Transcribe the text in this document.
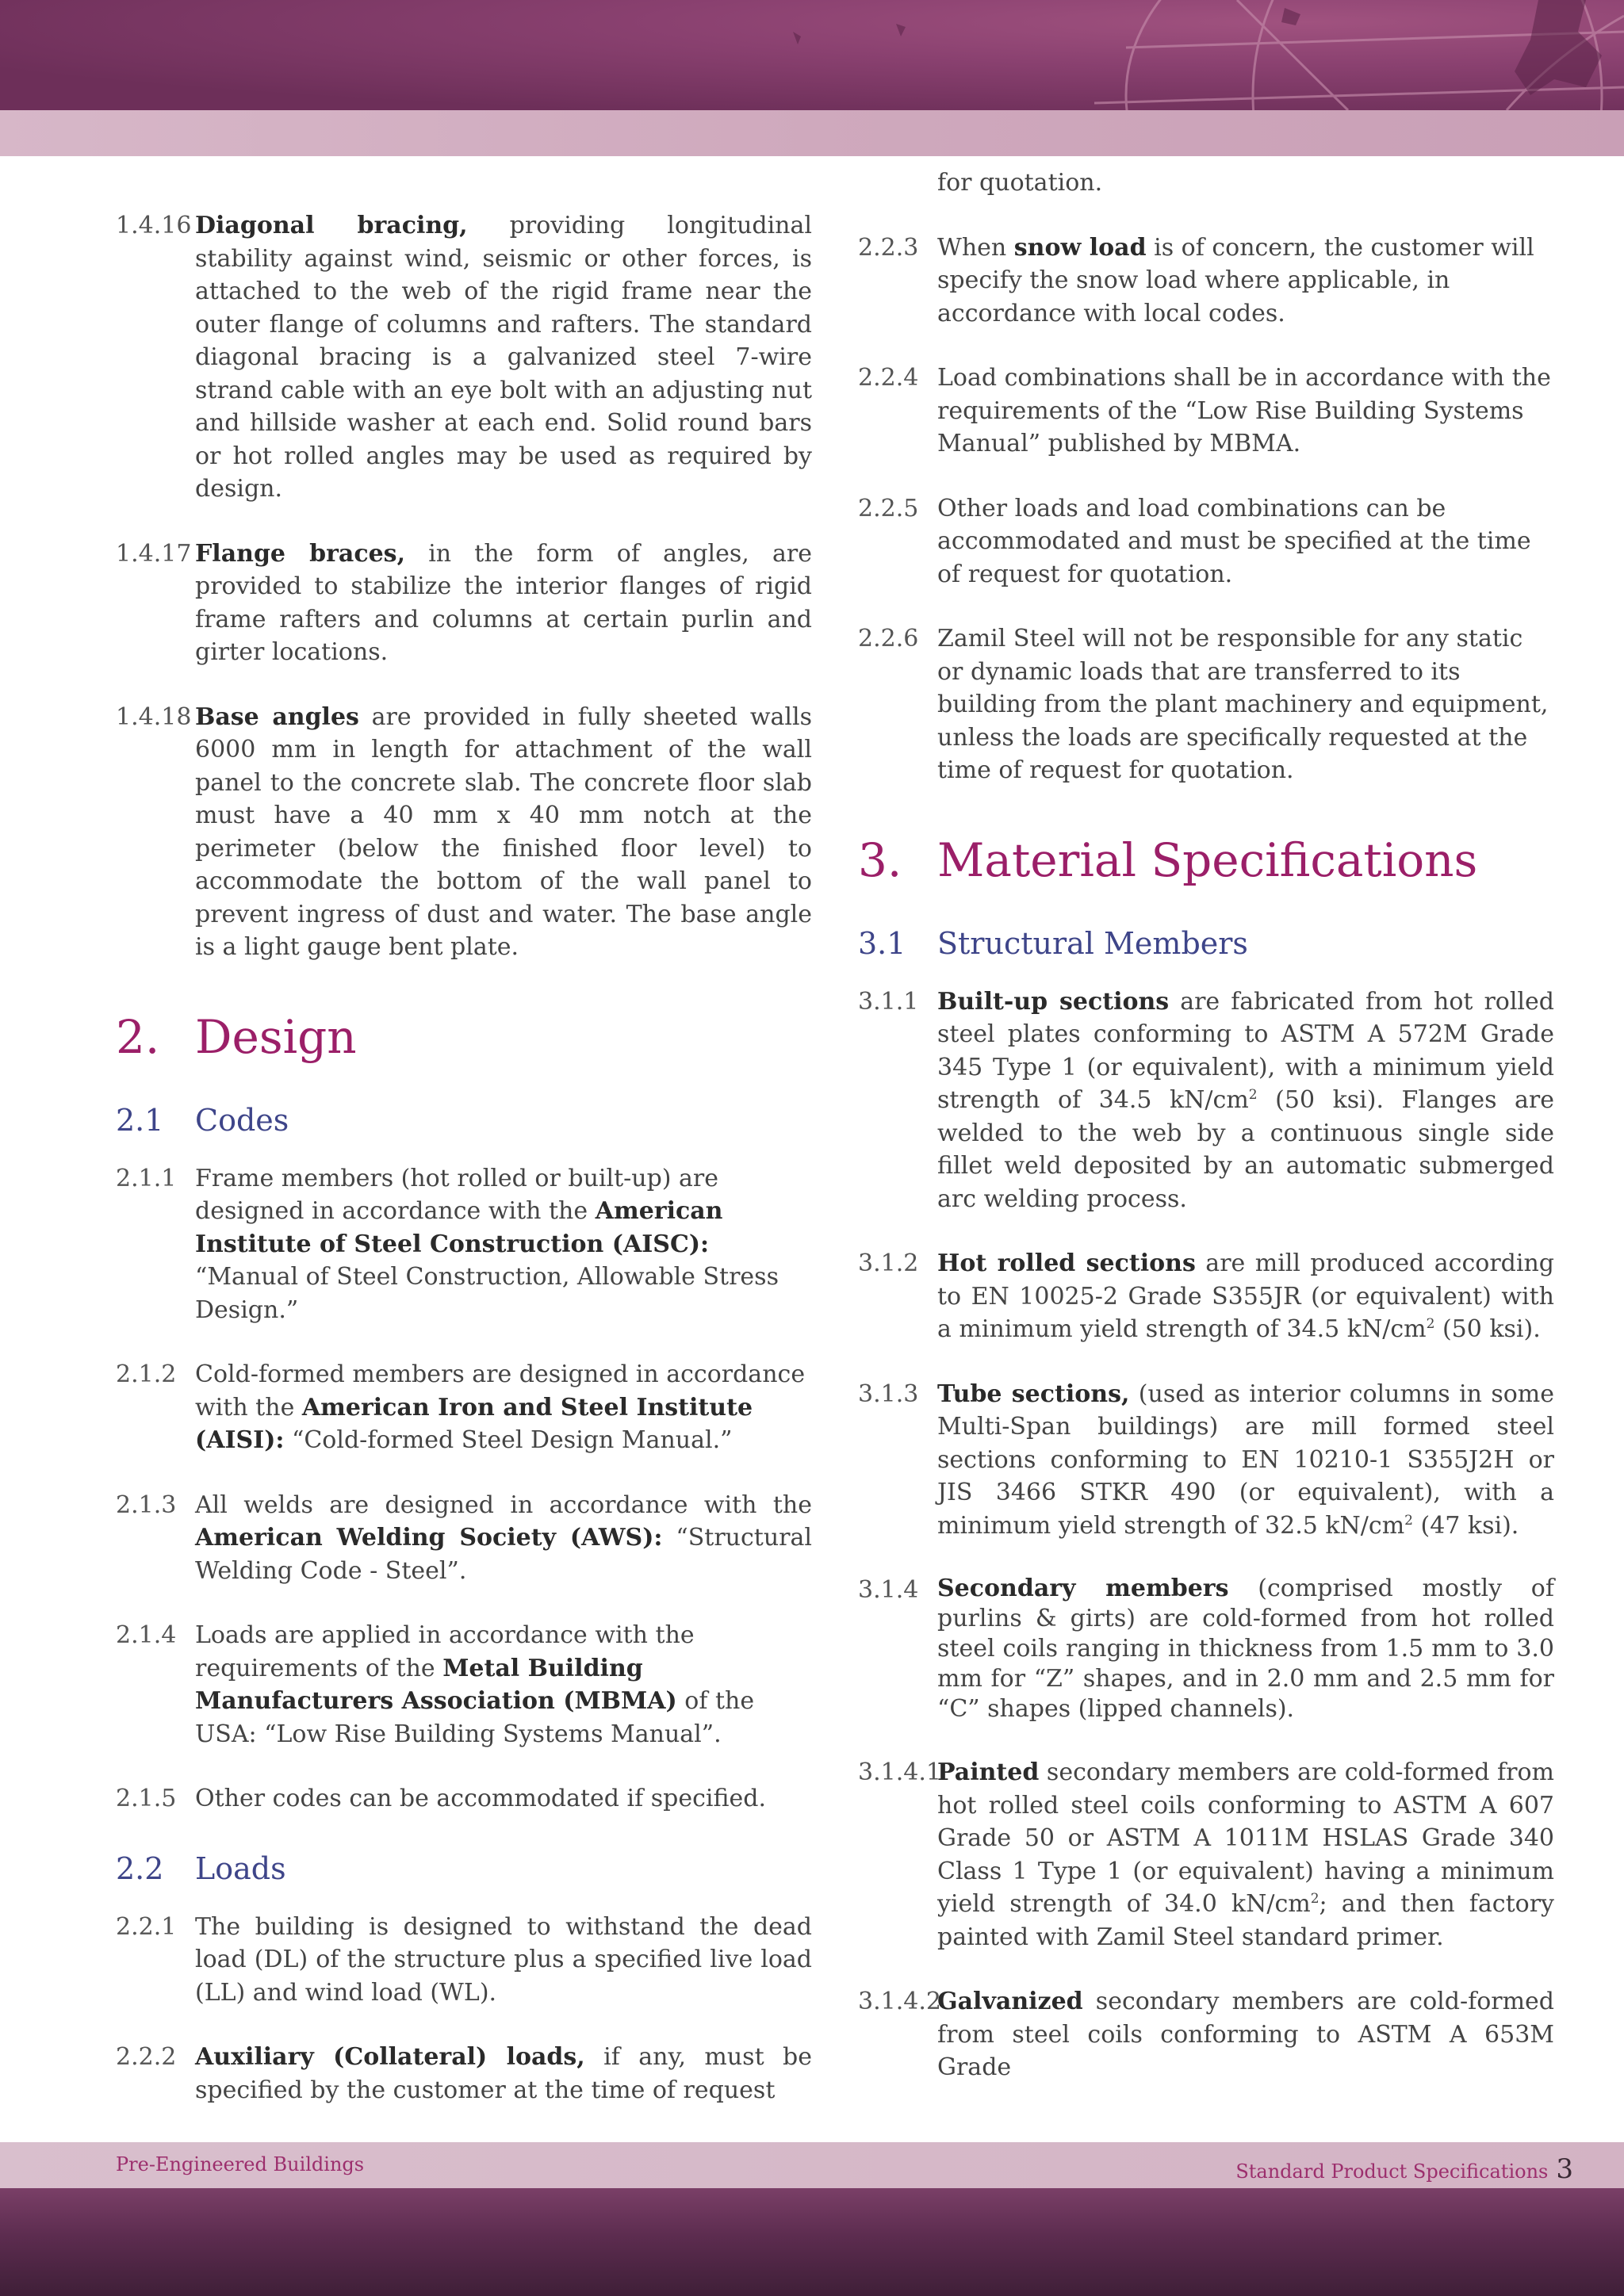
1.4.16 Diagonal bracing, providing longitudinal stability against wind, seismic or other forces, is attached to the web of the rigid frame near the outer flange of columns and rafters. The standard diagonal bracing is a galvanized steel 7-wire strand cable with an eye bolt with an adjusting nut and hillside washer at each end. Solid round bars or hot rolled angles may be used as required by design.
1.4.17 Flange braces, in the form of angles, are provided to stabilize the interior flanges of rigid frame rafters and columns at certain purlin and girter locations.
1.4.18 Base angles are provided in fully sheeted walls 6000 mm in length for attachment of the wall panel to the concrete slab. The concrete floor slab must have a 40 mm x 40 mm notch at the perimeter (below the finished floor level) to accommodate the bottom of the wall panel to prevent ingress of dust and water. The base angle is a light gauge bent plate.
2. Design
2.1	Codes
2.1.1 Frame members (hot rolled or built-up) are designed in accordance with the American Institute of Steel Construction (AISC): “Manual of Steel Construction, Allowable Stress Design.”
2.1.2 Cold-formed members are designed in accordance with the American Iron and Steel Institute (AISI): “Cold-formed Steel Design Manual.”
2.1.3 All welds are designed in accordance with the American Welding Society (AWS): “Structural Welding Code - Steel”.
2.1.4 Loads are applied in accordance with the requirements of the Metal Building Manufacturers Association (MBMA) of the USA: “Low Rise Building Systems Manual”.
2.1.5 Other codes can be accommodated if specified.
2.2	Loads
2.2.1 The building is designed to withstand the dead load (DL) of the structure plus a specified live load (LL) and wind load (WL).
2.2.2 Auxiliary (Collateral) loads, if any, must be specified by the customer at the time of request
for quotation.
2.2.3 When snow load is of concern, the customer will specify the snow load where applicable, in accordance with local codes.
2.2.4 Load combinations shall be in accordance with the requirements of the “Low Rise Building Systems Manual” published by MBMA.
2.2.5 Other loads and load combinations can be accommodated and must be specified at the time of request for quotation.
2.2.6 Zamil Steel will not be responsible for any static or dynamic loads that are transferred to its building from the plant machinery and equipment, unless the loads are specifically requested at the time of request for quotation.
3. Material Specifications
3.1	Structural Members
3.1.1 Built-up sections are fabricated from hot rolled steel plates conforming to ASTM A 572M Grade 345 Type 1 (or equivalent), with a minimum yield strength of 34.5 $kN/cm^2$ (50 ksi). Flanges are welded to the web by a continuous single side fillet weld deposited by an automatic submerged arc welding process.
3.1.2 Hot rolled sections are mill produced according to EN 10025-2 Grade S355JR (or equivalent) with a minimum yield strength of 34.5 $kN/cm^2$ (50 ksi).
3.1.3 Tube sections, (used as interior columns in some Multi-Span buildings) are mill formed steel sections conforming to EN 10210-1 S355J2H or JIS 3466 STKR 490 (or equivalent), with a minimum yield strength of 32.5 $kN/cm^2$ (47 ksi).
3.1.4 Secondary members (comprised mostly of purlins & girts) are cold-formed from hot rolled steel coils ranging in thickness from 1.5 mm to 3.0 mm for “Z” shapes, and in 2.0 mm and 2.5 mm for “C” shapes (lipped channels).
3.1.4.1
Painted secondary members are cold-formed from hot rolled steel coils conforming to ASTM A 607 Grade 50 or ASTM A 1011M HSLAS Grade 340 Class 1 Type 1 (or equivalent) having a minimum yield strength of 34.0 $kN/cm^2$; and then factory painted with Zamil Steel standard primer.
3.1.4.2
Galvanized secondary members are cold-formed from steel coils conforming to ASTM A 653M Grade
Pre-Engineered Buildings	Standard Product Specifications 3
